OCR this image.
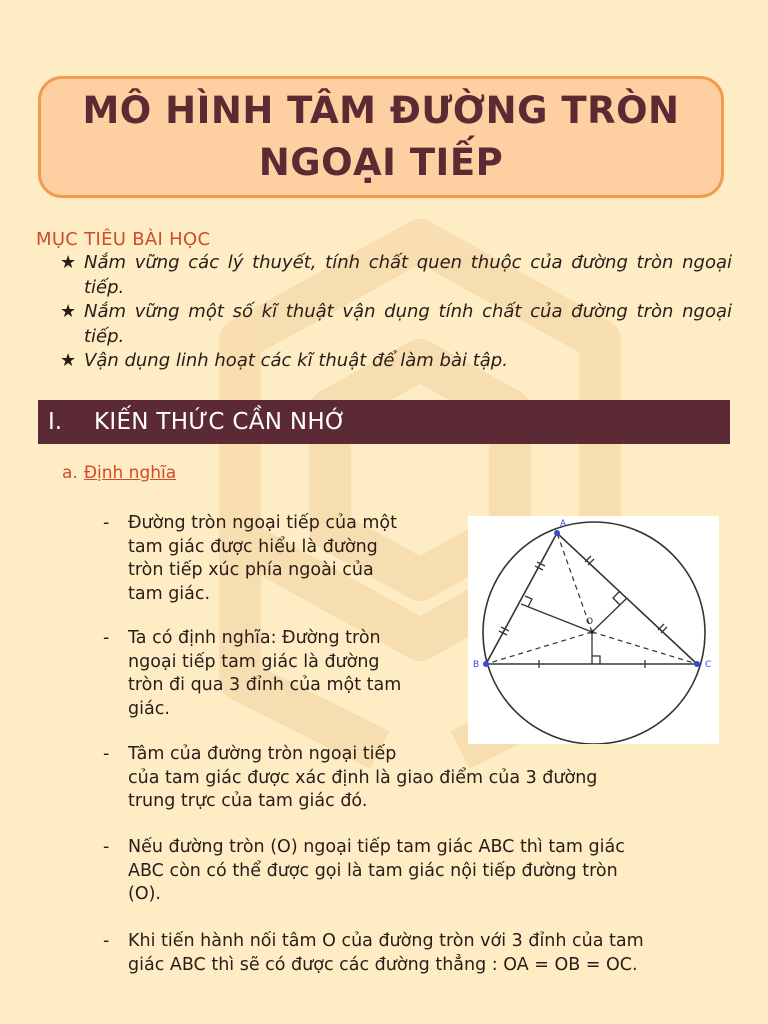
MÔ HÌNH TÂM ĐƯỜNG TRÒN
NGOẠI TIẾP
MỤC TIÊU BÀI HỌC
★ Nắm vững các lý thuyết, tính chất quen thuộc của đường tròn ngoại tiếp.
★ Nắm vững một số kĩ thuật vận dụng tính chất của đường tròn ngoại tiếp.
★ Vận dụng linh hoạt các kĩ thuật để làm bài tập.
I.	KIẾN THỨC CẦN NHỚ
a. Định nghĩa
- Đường tròn ngoại tiếp của một
tam giác được hiểu là đường
tròn tiếp xúc phía ngoài của
tam giác.
- Ta có định nghĩa: Đường tròn
ngoại tiếp tam giác là đường
tròn đi qua 3 đỉnh của một tam
giác.
- Tâm của đường tròn ngoại tiếp
của tam giác được xác định là giao điểm của 3 đường
trung trực của tam giác đó.
- Nếu đường tròn (O) ngoại tiếp tam giác ABC thì tam giác
ABC còn có thể được gọi là tam giác nội tiếp đường tròn
(O).
- Khi tiến hành nối tâm O của đường tròn với 3 đỉnh của tam
giác ABC thì sẽ có được các đường thẳng : OA = OB = OC.
A
B	C
O
